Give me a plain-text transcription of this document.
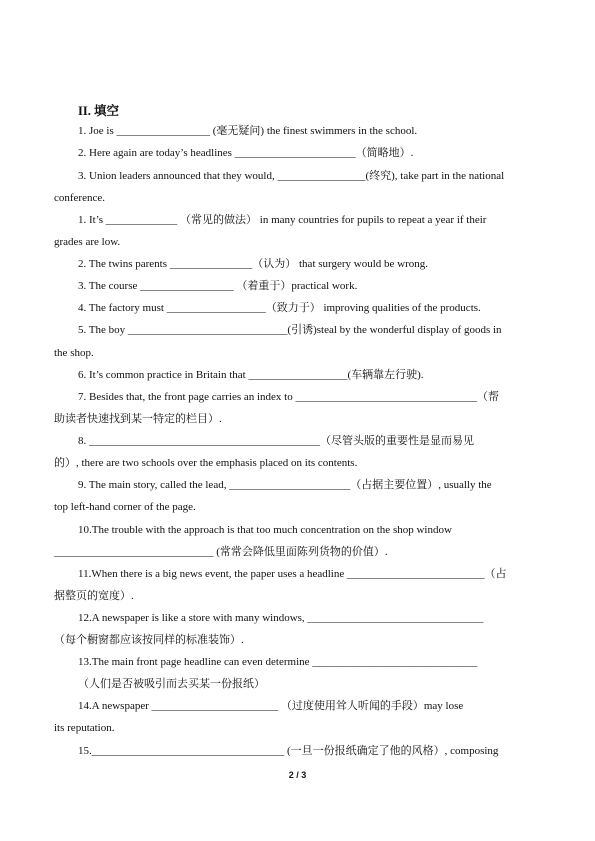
II. 填空
1. Joe is _________________ (毫无疑问) the finest swimmers in the school.
2. Here again are today’s headlines ______________________（简略地）.
3. Union leaders announced that they would, ________________(终究), take part in the national
conference.
1. It’s _____________ （常见的做法） in many countries for pupils to repeat a year if their
grades are low.
2. The twins parents _______________（认为） that surgery would be wrong.
3. The course _________________ （着重于）practical work.
4. The factory must __________________（致力于） improving qualities of the products.
5. The boy _____________________________(引诱)steal by the wonderful display of goods in
the shop.
6. It’s common practice in Britain that __________________(车辆靠左行驶).
7. Besides that, the front page carries an index to _________________________________（帮
助读者快速找到某一特定的栏目）.
8. __________________________________________（尽管头版的重要性是显而易见
的）, there are two schools over the emphasis placed on its contents.
9. The main story, called the lead, ______________________（占据主要位置）, usually the
top left-hand corner of the page.
10.The trouble with the approach is that too much concentration on the shop window
_____________________________ (常常会降低里面陈列货物的价值）.
11.When there is a big news event, the paper uses a headline _________________________（占
据整页的宽度）.
12.A newspaper is like a store with many windows, ________________________________
（每个橱窗都应该按同样的标准装饰）.
13.The main front page headline can even determine ______________________________
（人们是否被吸引而去买某一份报纸）
14.A newspaper _______________________ （过度使用耸人听闻的手段）may lose
its reputation.
15.___________________________________ (一旦一份报纸确定了他的风格）, composing
2 / 3
